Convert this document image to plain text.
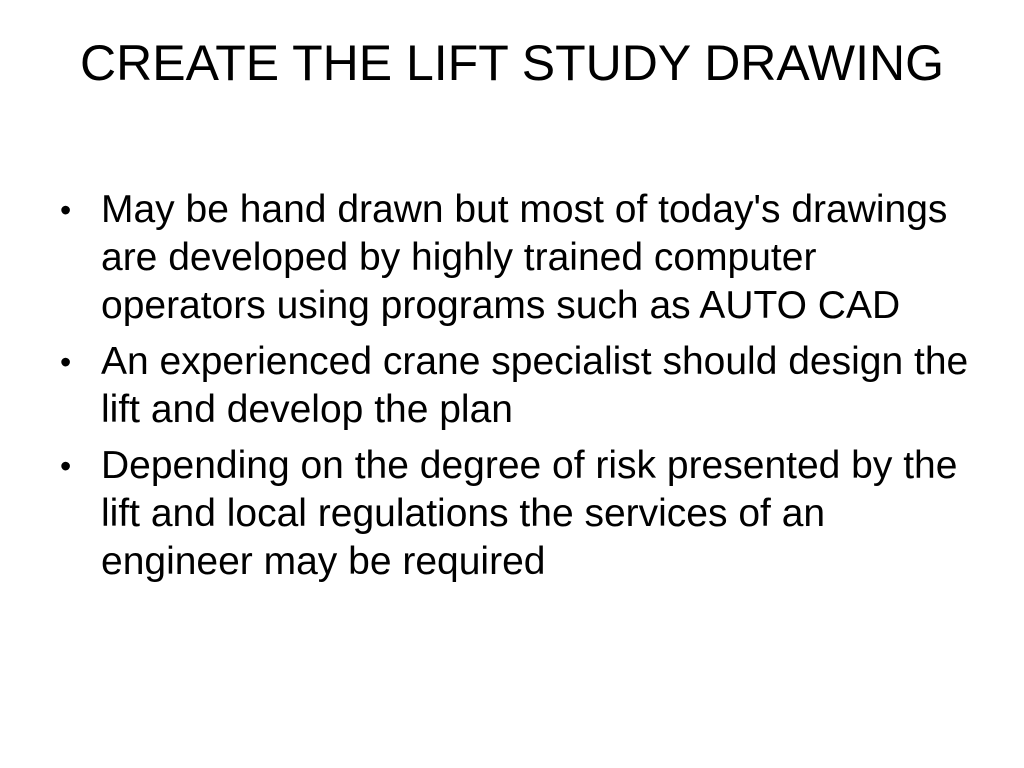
CREATE THE LIFT STUDY DRAWING
• May be hand drawn but most of today's drawings are developed by highly trained computer operators using programs such as AUTO CAD
• An experienced crane specialist should design the lift and develop the plan
• Depending on the degree of risk presented by the lift and local regulations the services of an engineer may be required
